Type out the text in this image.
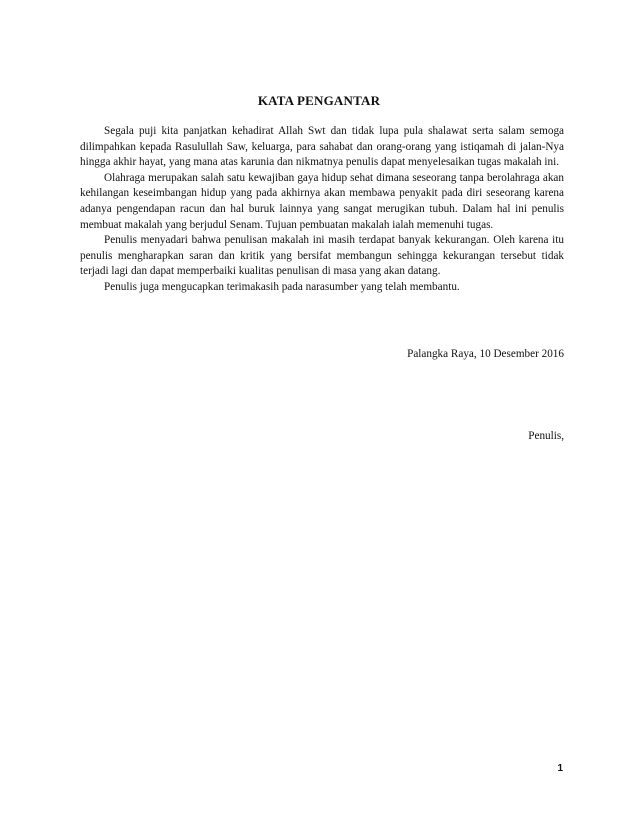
KATA PENGANTAR

Segala puji kita panjatkan kehadirat Allah Swt dan tidak lupa pula shalawat serta salam semoga dilimpahkan kepada Rasulullah Saw, keluarga, para sahabat dan orang-orang yang istiqamah di jalan-Nya hingga akhir hayat, yang mana atas karunia dan nikmatnya penulis dapat menyelesaikan tugas makalah ini.

Olahraga merupakan salah satu kewajiban gaya hidup sehat dimana seseorang tanpa berolahraga akan kehilangan keseimbangan hidup yang pada akhirnya akan membawa penyakit pada diri seseorang karena adanya pengendapan racun dan hal buruk lainnya yang sangat merugikan tubuh. Dalam hal ini penulis membuat makalah yang berjudul Senam. Tujuan pembuatan makalah ialah memenuhi tugas.

Penulis menyadari bahwa penulisan makalah ini masih terdapat banyak kekurangan. Oleh karena itu penulis mengharapkan saran dan kritik yang bersifat membangun sehingga kekurangan tersebut tidak terjadi lagi dan dapat memperbaiki kualitas penulisan di masa yang akan datang.

Penulis juga mengucapkan terimakasih pada narasumber yang telah membantu.

Palangka Raya, 10 Desember 2016
Penulis,
1
